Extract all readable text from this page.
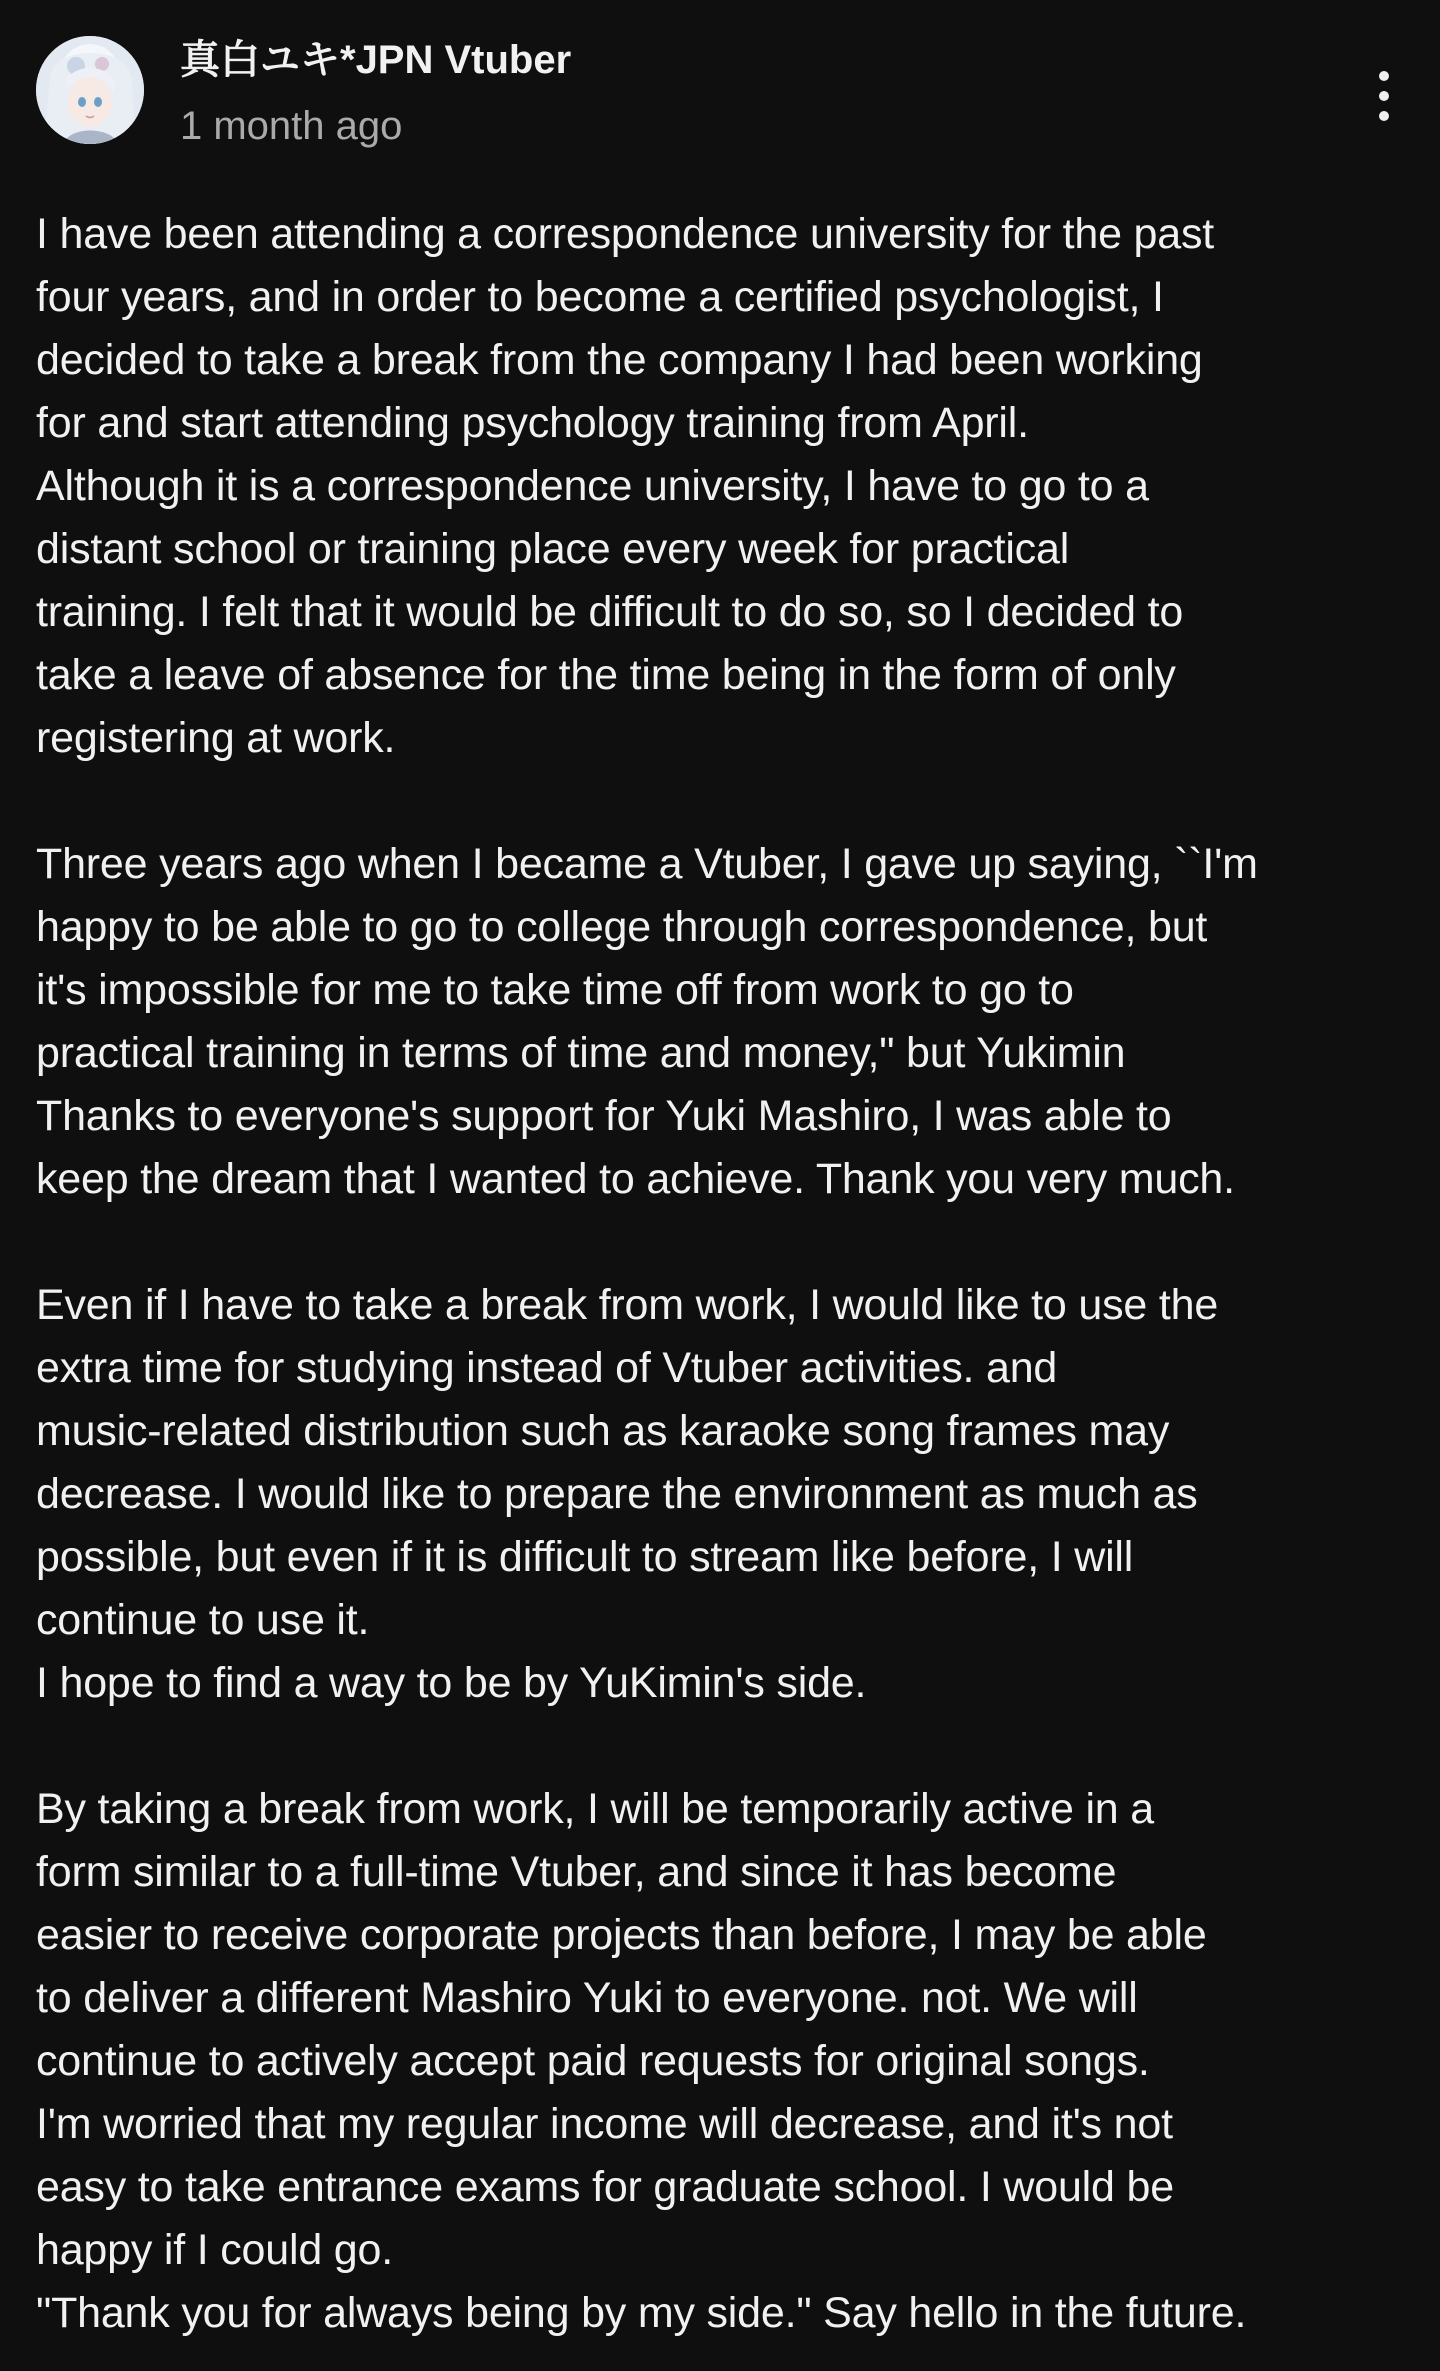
真白ユキ*JPN Vtuber
1 month ago
I have been attending a correspondence university for the past
four years, and in order to become a certified psychologist, I
decided to take a break from the company I had been working
for and start attending psychology training from April.
Although it is a correspondence university, I have to go to a
distant school or training place every week for practical
training. I felt that it would be difficult to do so, so I decided to
take a leave of absence for the time being in the form of only
registering at work.
Three years ago when I became a Vtuber, I gave up saying, ``I'm
happy to be able to go to college through correspondence, but
it's impossible for me to take time off from work to go to
practical training in terms of time and money," but Yukimin
Thanks to everyone's support for Yuki Mashiro, I was able to
keep the dream that I wanted to achieve. Thank you very much.
Even if I have to take a break from work, I would like to use the
extra time for studying instead of Vtuber activities. and
music-related distribution such as karaoke song frames may
decrease. I would like to prepare the environment as much as
possible, but even if it is difficult to stream like before, I will
continue to use it.
I hope to find a way to be by YuKimin's side.
By taking a break from work, I will be temporarily active in a
form similar to a full-time Vtuber, and since it has become
easier to receive corporate projects than before, I may be able
to deliver a different Mashiro Yuki to everyone. not. We will
continue to actively accept paid requests for original songs.
I'm worried that my regular income will decrease, and it's not
easy to take entrance exams for graduate school. I would be
happy if I could go.
"Thank you for always being by my side." Say hello in the future.
